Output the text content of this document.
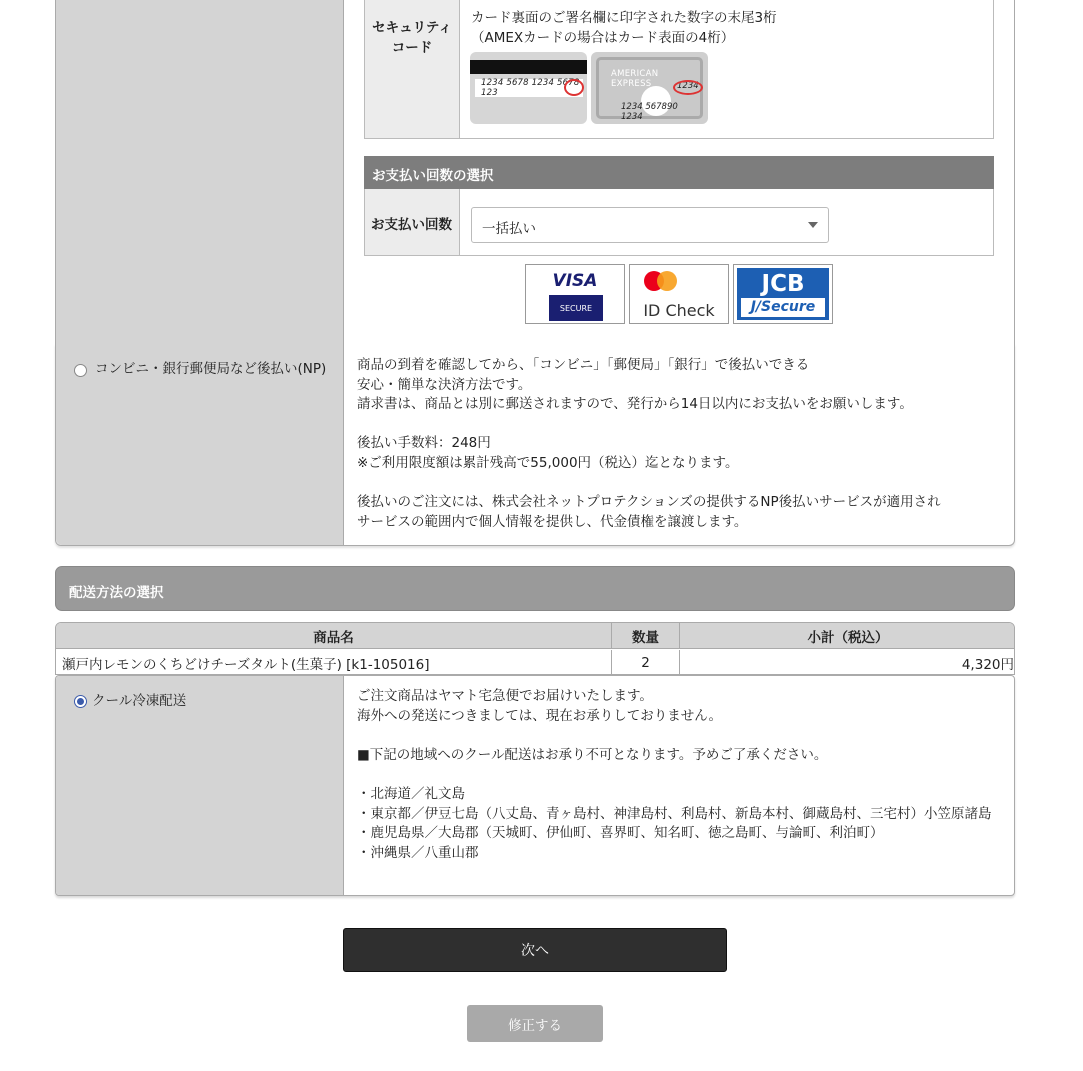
セキュリティ
コード
カード裏面のご署名欄に印字された数字の末尾3桁
（AMEXカードの場合はカード表面の4桁）
1234 5678 1234 5678 123
AMERICAN EXPRESS	1234
1234 567890 1234
お支払い回数の選択
お支払い回数	一括払い
VISA
SECURE	ID Check
JCB
J/Secure
コンビニ・銀行郵便局など後払い(NP)	商品の到着を確認してから、「コンビニ」「郵便局」「銀行」で後払いできる
安心・簡単な決済方法です。
請求書は、商品とは別に郵送されますので、発行から14日以内にお支払いをお願いします。

後払い手数料：248円
※ご利用限度額は累計残高で55,000円（税込）迄となります。

後払いのご注文には、株式会社ネットプロテクションズの提供するNP後払いサービスが適用され
サービスの範囲内で個人情報を提供し、代金債権を譲渡します。
配送方法の選択
商品名	数量	小計（税込）
瀬戸内レモンのくちどけチーズタルト(生菓子) [k1-105016]	2	4,320円
クール冷凍配送	ご注文商品はヤマト宅急便でお届けいたします。
海外への発送につきましては、現在お承りしておりません。

■下記の地域へのクール配送はお承り不可となります。予めご了承ください。

・北海道／礼文島
・東京都／伊豆七島（八丈島、青ヶ島村、神津島村、利島村、新島本村、御蔵島村、三宅村）小笠原諸島
・鹿児島県／大島郡（天城町、伊仙町、喜界町、知名町、徳之島町、与論町、利泊町）
・沖縄県／八重山郡
次へ
修正する
